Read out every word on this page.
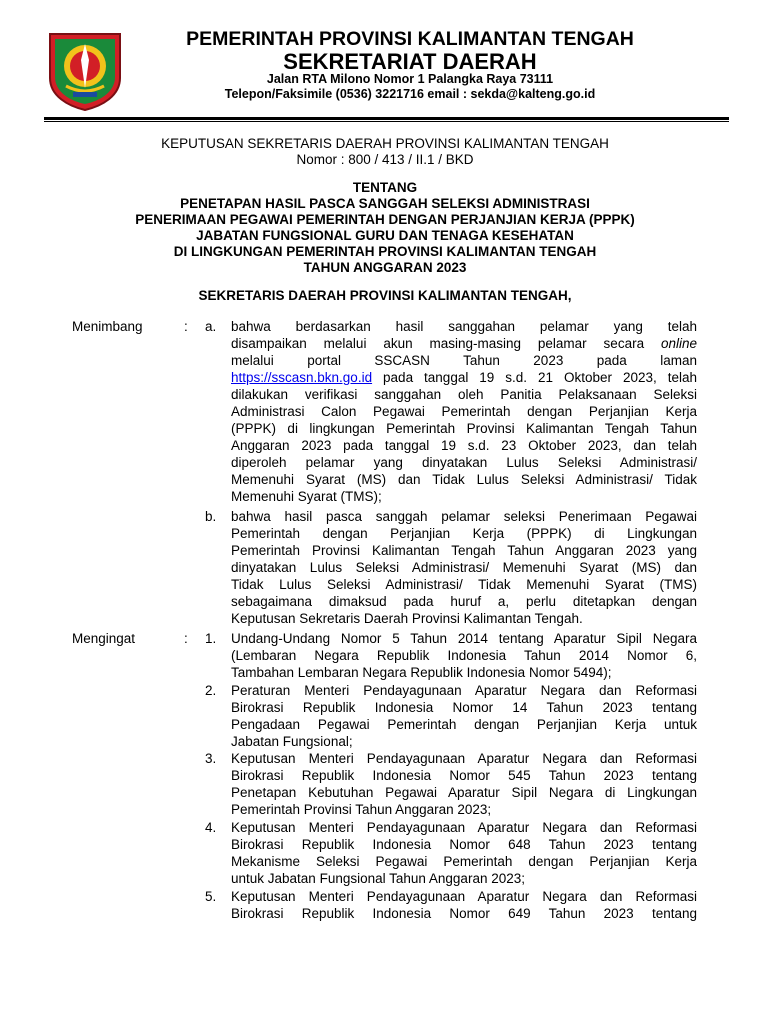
PEMERINTAH PROVINSI KALIMANTAN TENGAH
SEKRETARIAT DAERAH
Jalan RTA Milono Nomor 1 Palangka Raya 73111
Telepon/Faksimile (0536) 3221716 email : sekda@kalteng.go.id
KEPUTUSAN SEKRETARIS DAERAH PROVINSI KALIMANTAN TENGAH
Nomor : 800 / 413 / II.1 / BKD
TENTANG
PENETAPAN HASIL PASCA SANGGAH SELEKSI ADMINISTRASI
PENERIMAAN PEGAWAI PEMERINTAH DENGAN PERJANJIAN KERJA (PPPK)
JABATAN FUNGSIONAL GURU DAN TENAGA KESEHATAN
DI LINGKUNGAN PEMERINTAH PROVINSI KALIMANTAN TENGAH
TAHUN ANGGARAN 2023
SEKRETARIS DAERAH PROVINSI KALIMANTAN TENGAH,
Menimbang	: a. bahwa berdasarkan hasil sanggahan pelamar yang telah
disampaikan melalui akun masing-masing pelamar secara online
melalui portal SSCASN Tahun 2023 pada laman
https://sscasn.bkn.go.id pada tanggal 19 s.d. 21 Oktober 2023, telah
dilakukan verifikasi sanggahan oleh Panitia Pelaksanaan Seleksi
Administrasi Calon Pegawai Pemerintah dengan Perjanjian Kerja
(PPPK) di lingkungan Pemerintah Provinsi Kalimantan Tengah Tahun
Anggaran 2023 pada tanggal 19 s.d. 23 Oktober 2023, dan telah
diperoleh pelamar yang dinyatakan Lulus Seleksi Administrasi/
Memenuhi Syarat (MS) dan Tidak Lulus Seleksi Administrasi/ Tidak
Memenuhi Syarat (TMS);
b. bahwa hasil pasca sanggah pelamar seleksi Penerimaan Pegawai
Pemerintah dengan Perjanjian Kerja (PPPK) di Lingkungan
Pemerintah Provinsi Kalimantan Tengah Tahun Anggaran 2023 yang
dinyatakan Lulus Seleksi Administrasi/ Memenuhi Syarat (MS) dan
Tidak Lulus Seleksi Administrasi/ Tidak Memenuhi Syarat (TMS)
sebagaimana dimaksud pada huruf a, perlu ditetapkan dengan
Keputusan Sekretaris Daerah Provinsi Kalimantan Tengah.
Mengingat	: 1. Undang-Undang Nomor 5 Tahun 2014 tentang Aparatur Sipil Negara
(Lembaran Negara Republik Indonesia Tahun 2014 Nomor 6,
Tambahan Lembaran Negara Republik Indonesia Nomor 5494);
2. Peraturan Menteri Pendayagunaan Aparatur Negara dan Reformasi
Birokrasi Republik Indonesia Nomor 14 Tahun 2023 tentang
Pengadaan Pegawai Pemerintah dengan Perjanjian Kerja untuk
Jabatan Fungsional;
3. Keputusan Menteri Pendayagunaan Aparatur Negara dan Reformasi
Birokrasi Republik Indonesia Nomor 545 Tahun 2023 tentang
Penetapan Kebutuhan Pegawai Aparatur Sipil Negara di Lingkungan
Pemerintah Provinsi Tahun Anggaran 2023;
4. Keputusan Menteri Pendayagunaan Aparatur Negara dan Reformasi
Birokrasi Republik Indonesia Nomor 648 Tahun 2023 tentang
Mekanisme Seleksi Pegawai Pemerintah dengan Perjanjian Kerja
untuk Jabatan Fungsional Tahun Anggaran 2023;
5. Keputusan Menteri Pendayagunaan Aparatur Negara dan Reformasi
Birokrasi Republik Indonesia Nomor 649 Tahun 2023 tentang
